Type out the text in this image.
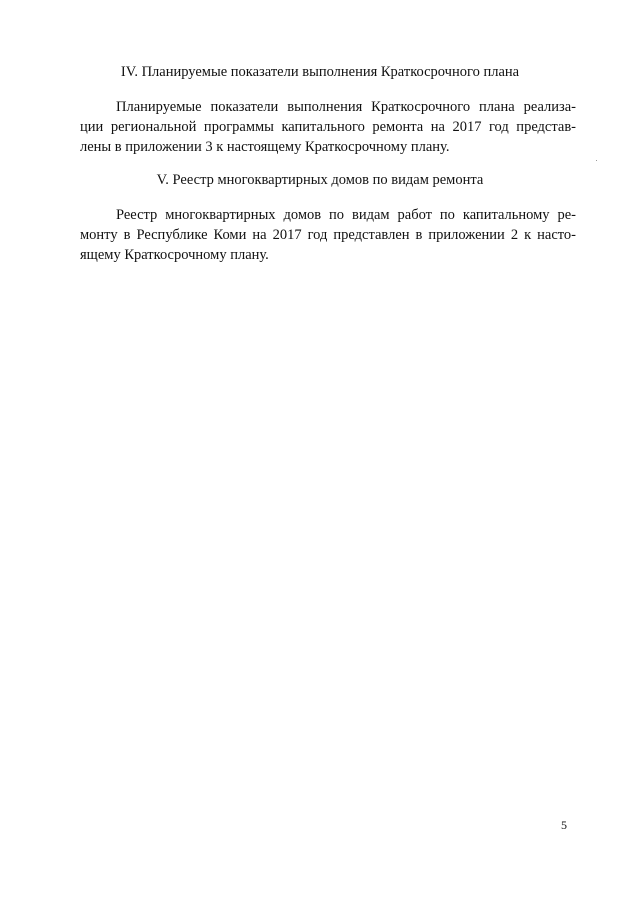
IV. Планируемые показатели выполнения Краткосрочного плана

Планируемые показатели выполнения Краткосрочного плана реализа-
ции региональной программы капитального ремонта на 2017 год представ-
лены в приложении 3 к настоящему Краткосрочному плану.

V. Реестр многоквартирных домов по видам ремонта

Реестр многоквартирных домов по видам работ по капитальному ре-
монту в Республике Коми на 2017 год представлен в приложении 2 к насто-
ящему Краткосрочному плану.

5
